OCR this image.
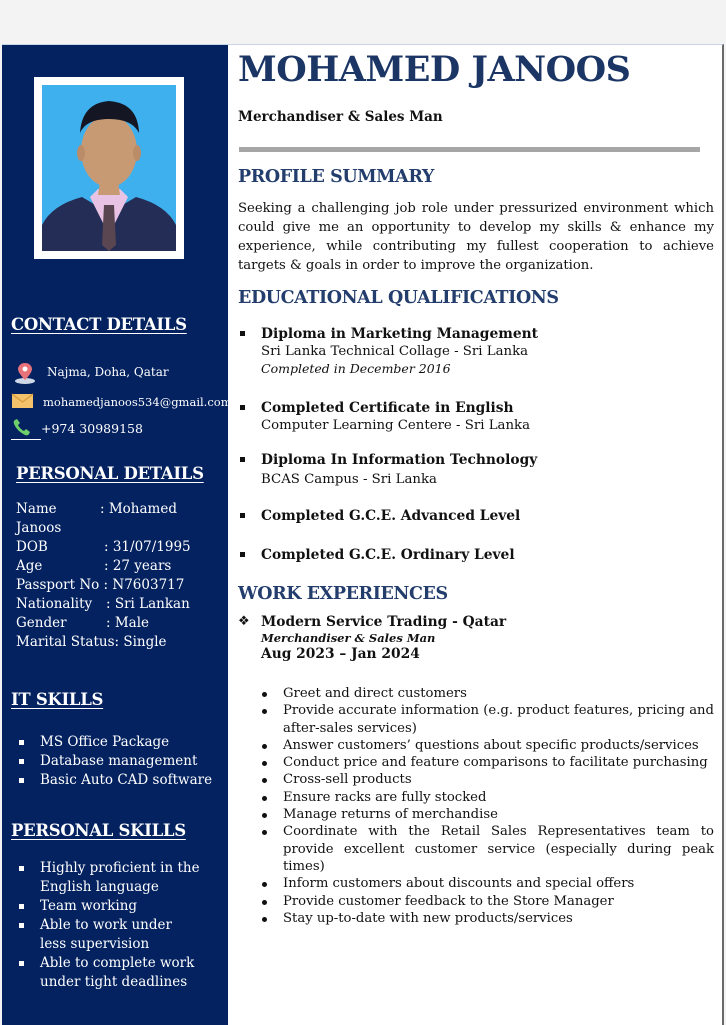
CONTACT DETAILS
Najma, Doha, Qatar
mohamedjanoos534@gmail.com
+974 30989158
PERSONAL DETAILS
Name	: Mohamed
Janoos
DOB	: 31/07/1995
Age	: 27 years
Passport No : N7603717
Nationality : Sri Lankan
Gender	: Male
Marital Status: Single
IT SKILLS
MS Office Package
Database management
Basic Auto CAD software
PERSONAL SKILLS
Highly proficient in the English language
Team working
Able to work under less supervision
Able to complete work under tight deadlines
MOHAMED JANOOS
Merchandiser & Sales Man
PROFILE SUMMARY
Seeking a challenging job role under pressurized environment which could give me an opportunity to develop my skills & enhance my experience, while contributing my fullest cooperation to achieve targets & goals in order to improve the organization.
EDUCATIONAL QUALIFICATIONS
Diploma in Marketing Management
Sri Lanka Technical Collage - Sri Lanka
Completed in December 2016
Completed Certificate in English
Computer Learning Centere - Sri Lanka
Diploma In Information Technology
BCAS Campus - Sri Lanka
Completed G.C.E. Advanced Level
Completed G.C.E. Ordinary Level
WORK EXPERIENCES
❖ Modern Service Trading - Qatar
Merchandiser & Sales Man
Aug 2023 – Jan 2024
Greet and direct customers
Provide accurate information (e.g. product features, pricing and after-sales services)
Answer customers’ questions about specific products/services
Conduct price and feature comparisons to facilitate purchasing
Cross-sell products
Ensure racks are fully stocked
Manage returns of merchandise
Coordinate with the Retail Sales Representatives team to provide excellent customer service (especially during peak times)
Inform customers about discounts and special offers
Provide customer feedback to the Store Manager
Stay up-to-date with new products/services
